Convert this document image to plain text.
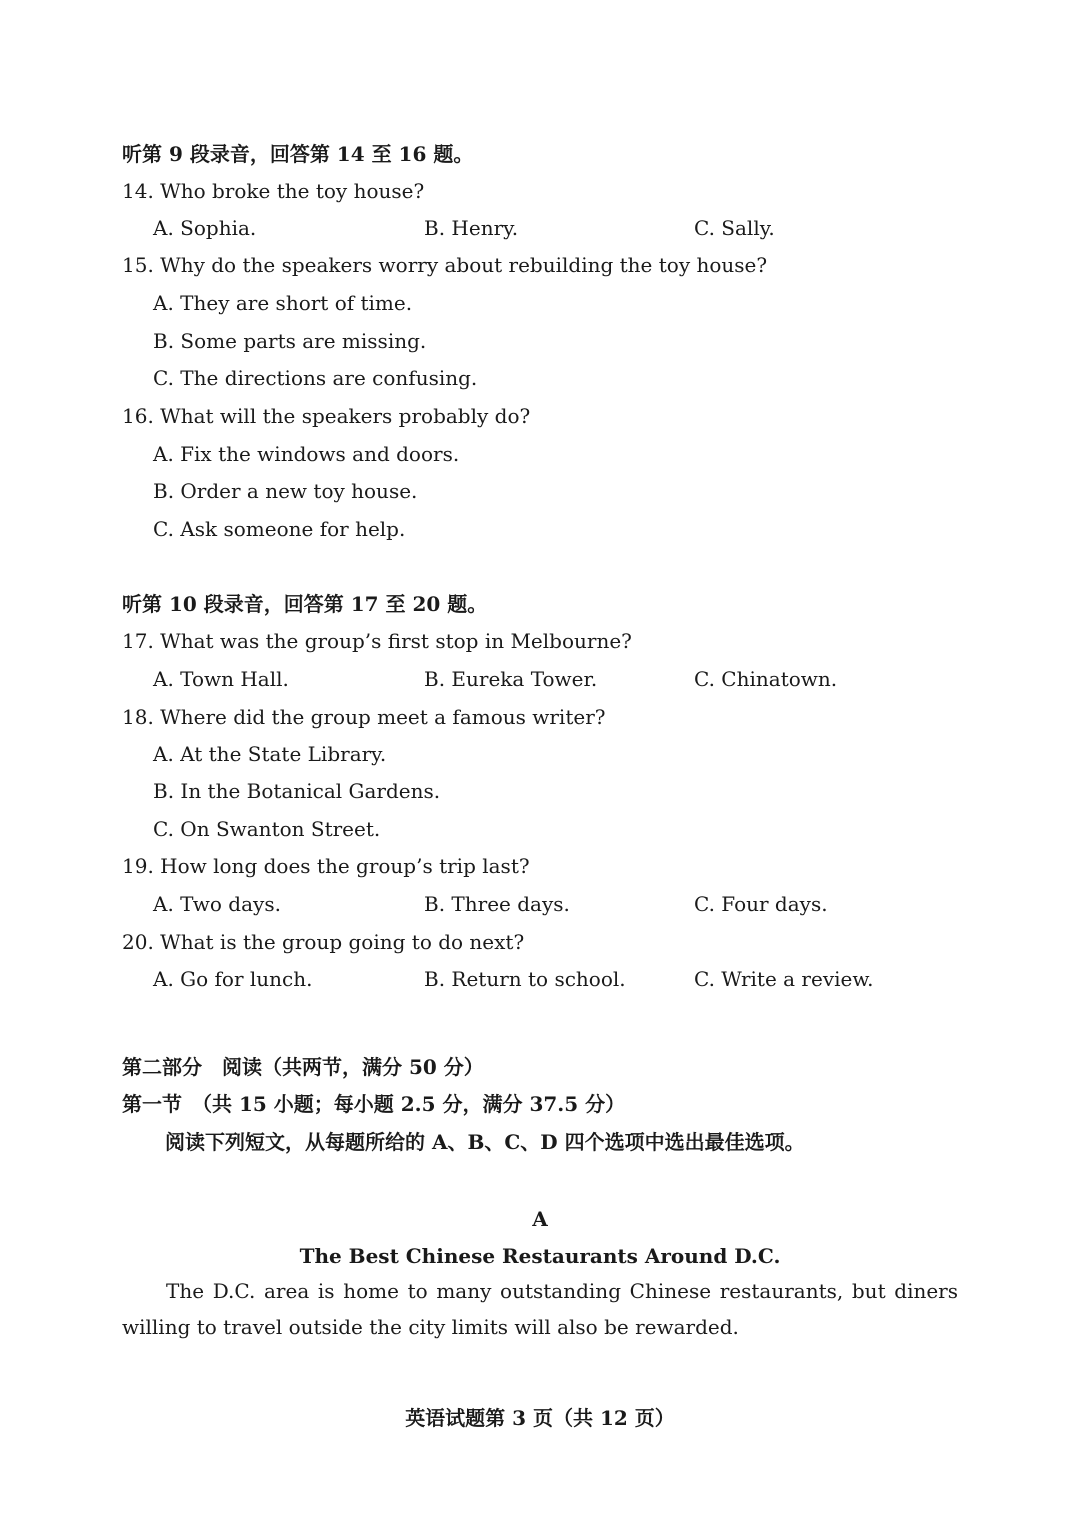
听第 9 段录音，回答第 14 至 16 题。
14. Who broke the toy house?
A. Sophia.	B. Henry.	C. Sally.
15. Why do the speakers worry about rebuilding the toy house?
A. They are short of time.
B. Some parts are missing.
C. The directions are confusing.
16. What will the speakers probably do?
A. Fix the windows and doors.
B. Order a new toy house.
C. Ask someone for help.
听第 10 段录音，回答第 17 至 20 题。
17. What was the group’s first stop in Melbourne?
A. Town Hall.	B. Eureka Tower.	C. Chinatown.
18. Where did the group meet a famous writer?
A. At the State Library.
B. In the Botanical Gardens.
C. On Swanton Street.
19. How long does the group’s trip last?
A. Two days.	B. Three days.	C. Four days.
20. What is the group going to do next?
A. Go for lunch.	B. Return to school.	C. Write a review.
第二部分　阅读（共两节，满分 50 分）
第一节　（共 15 小题；每小题 2.5 分，满分 37.5 分）
阅读下列短文，从每题所给的 A、B、C、D 四个选项中选出最佳选项。
A
The Best Chinese Restaurants Around D.C.
The D.C. area is home to many outstanding Chinese restaurants, but diners willing to travel outside the city limits will also be rewarded.
英语试题第 3 页（共 12 页）
